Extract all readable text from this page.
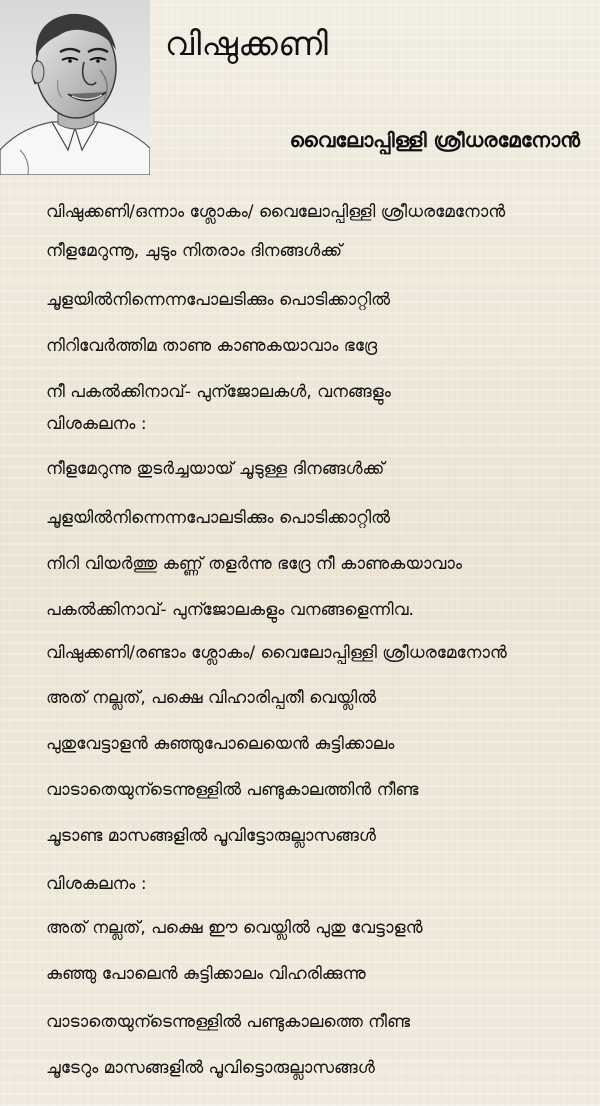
വിഷുക്കണി
വൈലോപ്പിള്ളി ശ്രീധരമേനോൻ
വിഷുക്കണി/ഒന്നാം ശ്ലോകം/ വൈലോപ്പിള്ളി ശ്രീധരമേനോൻ
നീളമേറുന്നൂ, ചുടും നിതരാം ദിനങ്ങൾക്ക്
ചൂളയിൽനിന്നെന്നപോലടിക്കും പൊടിക്കാറ്റിൽ
നിറിവേർത്തിമ താണു കാണുകയാവാം ഭദ്രേ
നീ പകൽക്കിനാവ്- പുന്ജോലകൾ, വനങ്ങളും
വിശകലനം :
നീളമേറുന്നു തുടർച്ചയായ് ചൂടുള്ള ദിനങ്ങൾക്ക്
ചൂളയിൽനിന്നെന്നപോലടിക്കും പൊടിക്കാറ്റിൽ
നിറി വിയർത്തു കണ്ണ് തളർന്നു ഭദ്രേ നീ കാണുകയാവാം
പകൽക്കിനാവ്- പുന്ജോലകളും വനങ്ങളെന്നിവ.
വിഷുക്കണി/രണ്ടാം ശ്ലോകം/ വൈലോപ്പിള്ളി ശ്രീധരമേനോൻ
അത് നല്ലത്, പക്ഷെ വിഹാരിപ്പതീ വെയ്ലിൽ
പുതുവേട്ടാളൻ കുഞ്ഞുപോലെയെൻ കുട്ടിക്കാലം
വാടാതെയുന്ടെന്നുള്ളിൽ പണ്ടുകാലത്തിൻ നീണ്ട
ചൂടാണ്ട മാസങ്ങളിൽ പൂവിട്ടോരുല്ലാസങ്ങൾ
വിശകലനം :
അത് നല്ലത്, പക്ഷെ ഈ വെയ്ലിൽ പുതു വേട്ടാളൻ
കുഞ്ഞു പോലെൻ കുട്ടിക്കാലം വിഹരിക്കുന്നു
വാടാതെയുന്ടെന്നുള്ളിൽ പണ്ടുകാലത്തെ നീണ്ട
ചൂടേറും മാസങ്ങളിൽ പൂവിട്ടൊരുല്ലാസങ്ങൾ
